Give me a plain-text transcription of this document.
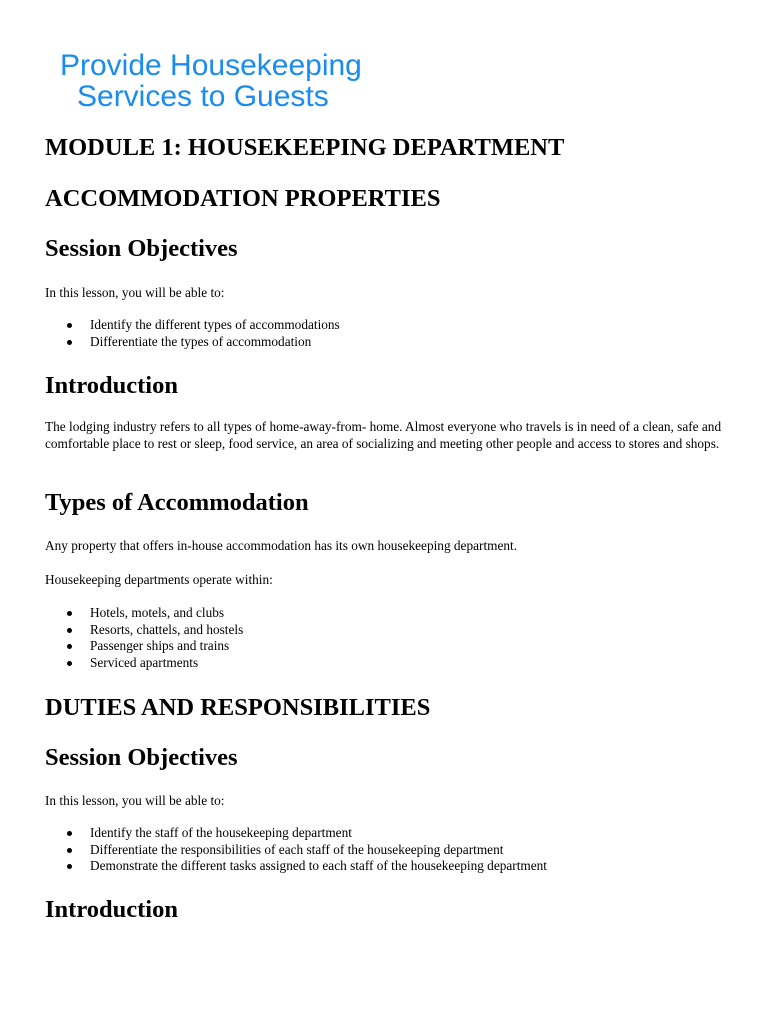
Provide Housekeeping
Services to Guests
MODULE 1: HOUSEKEEPING DEPARTMENT
ACCOMMODATION PROPERTIES
Session Objectives

In this lesson, you will be able to:

Identify the different types of accommodations
Differentiate the types of accommodation
Introduction

The lodging industry refers to all types of home-away-from- home. Almost everyone who travels is in need of a clean, safe and comfortable place to rest or sleep, food service, an area of socializing and meeting other people and access to stores and shops.

Types of Accommodation

Any property that offers in-house accommodation has its own housekeeping department.

Housekeeping departments operate within:

Hotels, motels, and clubs
Resorts, chattels, and hostels
Passenger ships and trains
Serviced apartments
DUTIES AND RESPONSIBILITIES
Session Objectives

In this lesson, you will be able to:

Identify the staff of the housekeeping department
Differentiate the responsibilities of each staff of the housekeeping department
Demonstrate the different tasks assigned to each staff of the housekeeping department
Introduction
